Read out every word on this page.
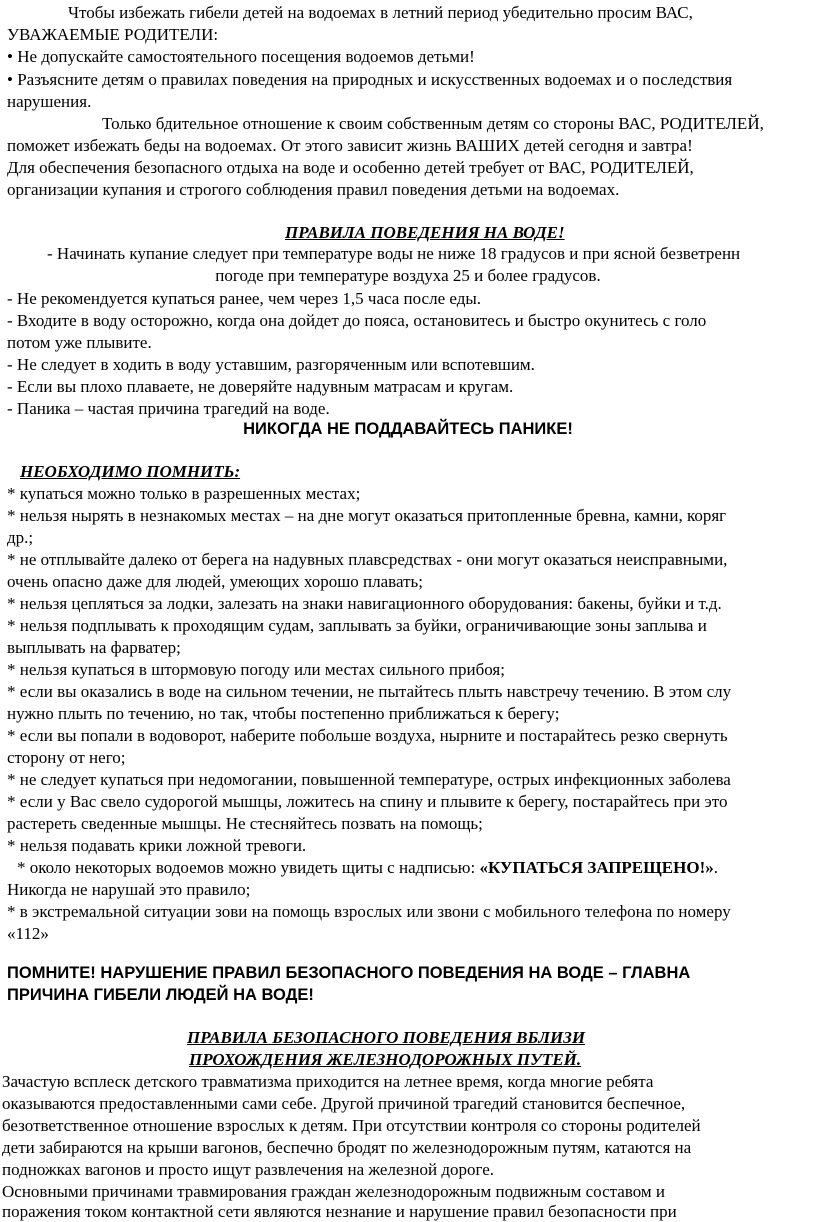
Чтобы избежать гибели детей на водоемах в летний период убедительно просим ВАС,

УВАЖАЕМЫЕ РОДИТЕЛИ:

• Не допускайте самостоятельного посещения водоемов детьми!

• Разъясните детям о правилах поведения на природных и искусственных водоемах и о последствия

нарушения.

Только бдительное отношение к своим собственным детям со стороны ВАС, РОДИТЕЛЕЙ,

поможет избежать беды на водоемах. От этого зависит жизнь ВАШИХ детей сегодня и завтра!

Для обеспечения безопасного отдыха на воде и особенно детей требует от ВАС, РОДИТЕЛЕЙ,

организации купания и строгого соблюдения правил поведения детьми на водоемах.

ПРАВИЛА ПОВЕДЕНИЯ НА ВОДЕ!

- Начинать купание следует при температуре воды не ниже 18 градусов и при ясной безветренн

погоде при температуре воздуха 25 и более градусов.

- Не рекомендуется купаться ранее, чем через 1,5 часа после еды.

- Входите в воду осторожно, когда она дойдет до пояса, остановитесь и быстро окунитесь с голо

потом уже плывите.

- Не следует в ходить в воду уставшим, разгоряченным или вспотевшим.

- Если вы плохо плаваете, не доверяйте надувным матрасам и кругам.

- Паника – частая причина трагедий на воде.

НИКОГДА НЕ ПОДДАВАЙТЕСЬ ПАНИКЕ!

НЕОБХОДИМО ПОМНИТЬ:

* купаться можно только в разрешенных местах;

* нельзя нырять в незнакомых местах – на дне могут оказаться притопленные бревна, камни, коряг

др.;

* не отплывайте далеко от берега на надувных плавсредствах - они могут оказаться неисправными,

очень опасно даже для людей, умеющих хорошо плавать;

* нельзя цепляться за лодки, залезать на знаки навигационного оборудования: бакены, буйки и т.д.

* нельзя подплывать к проходящим судам, заплывать за буйки, ограничивающие зоны заплыва и

выплывать на фарватер;

* нельзя купаться в штормовую погоду или местах сильного прибоя;

* если вы оказались в воде на сильном течении, не пытайтесь плыть навстречу течению. В этом слу

нужно плыть по течению, но так, чтобы постепенно приближаться к берегу;

* если вы попали в водоворот, наберите побольше воздуха, нырните и постарайтесь резко свернуть

сторону от него;

* не следует купаться при недомогании, повышенной температуре, острых инфекционных заболева

* если у Вас свело судорогой мышцы, ложитесь на спину и плывите к берегу, постарайтесь при это

растереть сведенные мышцы. Не стесняйтесь позвать на помощь;

* нельзя подавать крики ложной тревоги.

* около некоторых водоемов можно увидеть щиты с надписью: «КУПАТЬСЯ ЗАПРЕЩЕНО!».

Никогда не нарушай это правило;

* в экстремальной ситуации зови на помощь взрослых или звони с мобильного телефона по номеру

«112»

ПОМНИТЕ! НАРУШЕНИЕ ПРАВИЛ БЕЗОПАСНОГО ПОВЕДЕНИЯ НА ВОДЕ – ГЛАВНА

ПРИЧИНА ГИБЕЛИ ЛЮДЕЙ НА ВОДЕ!

ПРАВИЛА БЕЗОПАСНОГО ПОВЕДЕНИЯ ВБЛИЗИ

ПРОХОЖДЕНИЯ ЖЕЛЕЗНОДОРОЖНЫХ ПУТЕЙ.

Зачастую всплеск детского травматизма приходится на летнее время, когда многие ребята

оказываются предоставленными сами себе. Другой причиной трагедий становится беспечное,

безответственное отношение взрослых к детям. При отсутствии контроля со стороны родителей

дети забираются на крыши вагонов, беспечно бродят по железнодорожным путям, катаются на

подножках вагонов и просто ищут развлечения на железной дороге.

Основными причинами травмирования граждан железнодорожным подвижным составом и

поражения током контактной сети являются незнание и нарушение правил безопасности при
